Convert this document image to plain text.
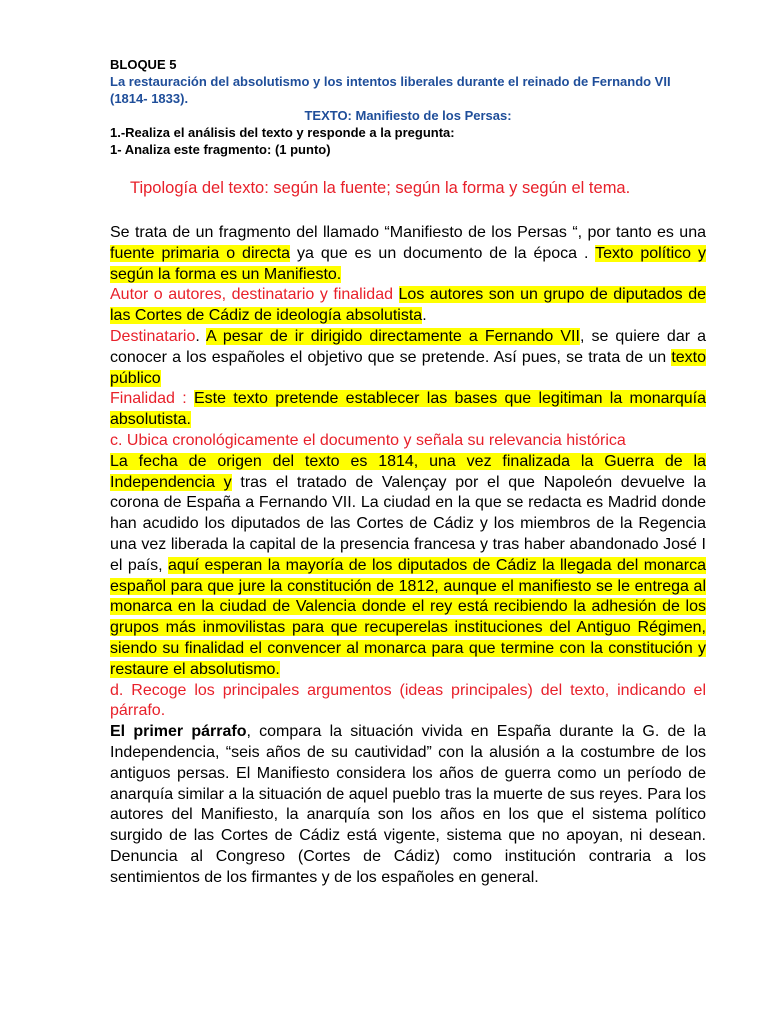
BLOQUE 5
La restauración del absolutismo y los intentos liberales durante el reinado de Fernando VII (1814- 1833).
TEXTO: Manifiesto de los Persas:
1.-Realiza el análisis del texto y responde a la pregunta:
1- Analiza este fragmento: (1 punto)
Tipología del texto: según la fuente; según la forma y según el tema.

Se trata de un fragmento del llamado “Manifiesto de los Persas “, por tanto es una fuente primaria o directa ya que es un documento de la época . Texto político y según la forma es un Manifiesto.

Autor o autores, destinatario y finalidad Los autores son un grupo de diputados de las Cortes de Cádiz de ideología absolutista.

Destinatario. A pesar de ir dirigido directamente a Fernando VII, se quiere dar a conocer a los españoles el objetivo que se pretende. Así pues, se trata de un texto público

Finalidad : Este texto pretende establecer las bases que legitiman la monarquía absolutista.

c. Ubica cronológicamente el documento y señala su relevancia histórica

La fecha de origen del texto es 1814, una vez finalizada la Guerra de la Independencia y tras el tratado de Valençay por el que Napoleón devuelve la corona de España a Fernando VII. La ciudad en la que se redacta es Madrid donde han acudido los diputados de las Cortes de Cádiz y los miembros de la Regencia una vez liberada la capital de la presencia francesa y tras haber abandonado José I el país, aquí esperan la mayoría de los diputados de Cádiz la llegada del monarca español para que jure la constitución de 1812, aunque el manifiesto se le entrega al monarca en la ciudad de Valencia donde el rey está recibiendo la adhesión de los grupos más inmovilistas para que recuperelas instituciones del Antiguo Régimen, siendo su finalidad el convencer al monarca para que termine con la constitución y restaure el absolutismo.

d. Recoge los principales argumentos (ideas principales) del texto, indicando el párrafo.

El primer párrafo, compara la situación vivida en España durante la G. de la Independencia, “seis años de su cautividad” con la alusión a la costumbre de los antiguos persas. El Manifiesto considera los años de guerra como un período de anarquía similar a la situación de aquel pueblo tras la muerte de sus reyes. Para los autores del Manifiesto, la anarquía son los años en los que el sistema político surgido de las Cortes de Cádiz está vigente, sistema que no apoyan, ni desean. Denuncia al Congreso (Cortes de Cádiz) como institución contraria a los sentimientos de los firmantes y de los españoles en general.
